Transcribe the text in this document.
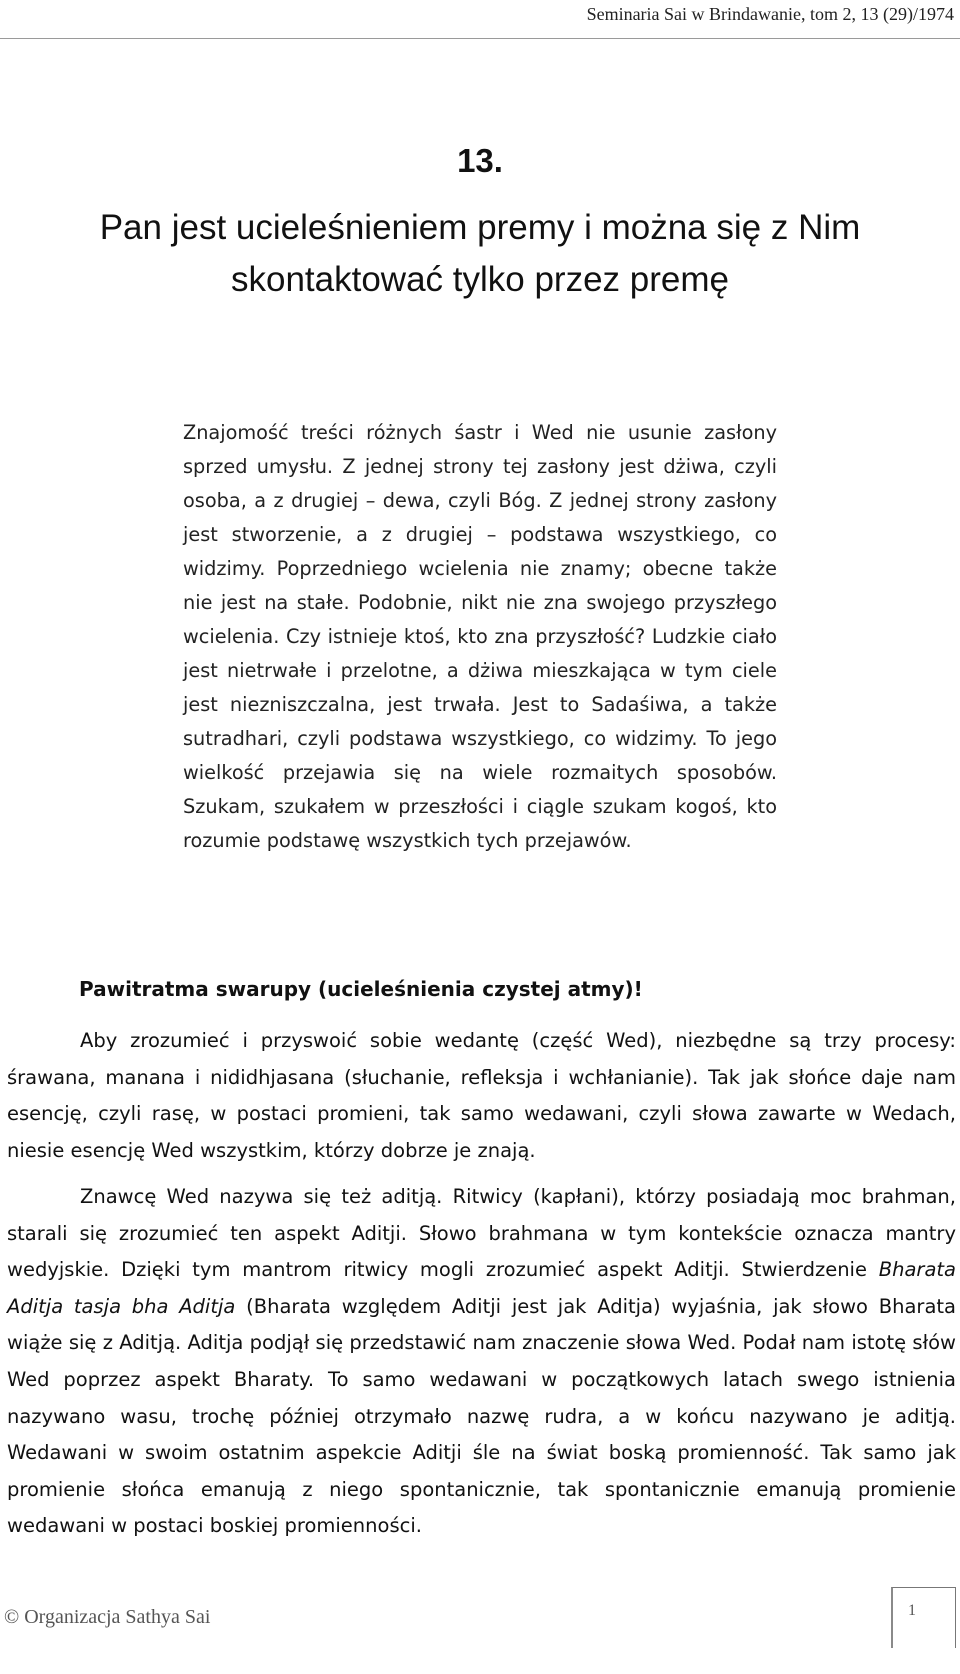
Seminaria Sai w Brindawanie, tom 2, 13 (29)/1974
13.
Pan jest ucieleśnieniem premy i można się z Nim skontaktować tylko przez premę
Znajomość treści różnych śastr i Wed nie usunie zasłony sprzed umysłu. Z jednej strony tej zasłony jest dżiwa, czyli osoba, a z drugiej – dewa, czyli Bóg. Z jednej strony zasłony jest stworzenie, a z drugiej – podstawa wszystkiego, co widzimy. Poprzedniego wcielenia nie znamy; obecne także nie jest na stałe. Podobnie, nikt nie zna swojego przyszłego wcielenia. Czy istnieje ktoś, kto zna przyszłość? Ludzkie ciało jest nietrwałe i przelotne, a dżiwa mieszkająca w tym ciele jest niezniszczalna, jest trwała. Jest to Sadaśiwa, a także sutradhari, czyli podstawa wszystkiego, co widzimy. To jego wielkość przejawia się na wiele rozmaitych sposobów. Szukam, szukałem w przeszłości i ciągle szukam kogoś, kto rozumie podstawę wszystkich tych przejawów.
Pawitratma swarupy (ucieleśnienia czystej atmy)!

Aby zrozumieć i przyswoić sobie wedantę (część Wed), niezbędne są trzy procesy: śrawana, manana i nididhjasana (słuchanie, refleksja i wchłanianie). Tak jak słońce daje nam esencję, czyli rasę, w postaci promieni, tak samo wedawani, czyli słowa zawarte w Wedach, niesie esencję Wed wszystkim, którzy dobrze je znają.

Znawcę Wed nazywa się też aditją. Ritwicy (kapłani), którzy posiadają moc brahman, starali się zrozumieć ten aspekt Aditji. Słowo brahmana w tym kontekście oznacza mantry wedyjskie. Dzięki tym mantrom ritwicy mogli zrozumieć aspekt Aditji. Stwierdzenie Bharata Aditja tasja bha Aditja (Bharata względem Aditji jest jak Aditja) wyjaśnia, jak słowo Bharata wiąże się z Aditją. Aditja podjął się przedstawić nam znaczenie słowa Wed. Podał nam istotę słów Wed poprzez aspekt Bharaty. To samo wedawani w początkowych latach swego istnienia nazywano wasu, trochę później otrzymało nazwę rudra, a w końcu nazywano je aditją. Wedawani w swoim ostatnim aspekcie Aditji śle na świat boską promienność. Tak samo jak promienie słońca emanują z niego spontanicznie, tak spontanicznie emanują promienie wedawani w postaci boskiej promienności.

© Organizacja Sathya Sai	1
